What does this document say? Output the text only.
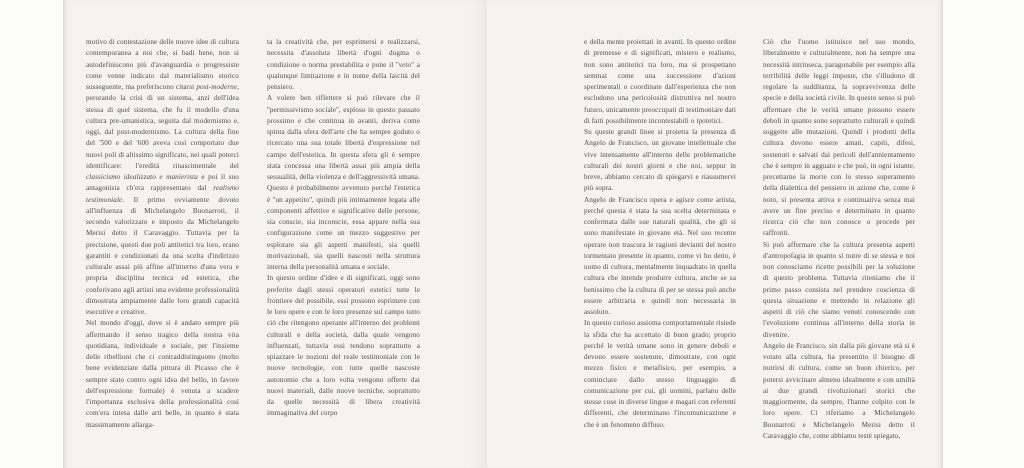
motivo di contestazione delle nuove idee di cultura contemporanea a noi che, si badi bene, non si autodefiniscono più d'avanguardia o progressiste come venne indicato dal materialismo storico susseguente, ma preferiscono citarsi post-moderne, perorando la crisi di un sistema, anzi dell'idea stessa di quel sistema, che fu il modello d'una cultura pre-umanistica, seguita dal modernismo e, oggi, dal post-modernismo. La cultura della fine del '500 e del '600 aveva così comportato due nuovi poli di altissimo significato, nei quali poterci identificare: l'eredità rinascimentale del classicismo idealizzato e manierista e poi il suo antagonista ch'era rappresentato dal realismo testimoniale. Il primo ovviamente dovuto all'influenza di Michelangelo Buonarroti, il secondo valorizzato e imposto da Michelangelo Merisi detto il Caravaggio. Tuttavia per la precisione, questi due poli antitetici tra loro, erano garantiti e condizionati da una scelta d'indirizzo culturale assai più affine all'interno d'una vera e propria disciplina tecnica ed estetica, che conferivano agli artisti una evidente professionalità dimostrata ampiamente dalle loro grandi capacità esecutive e creative.

Nel mondo d'oggi, dove si è andato sempre più affermando il senso tragico della nostra vita quotidiana, individuale e sociale, per l'insieme delle ribellioni che ci contraddistinguono (molto bene evidenziate dalla pittura di Picasso che è sempre stato contro ogni idea del bello, in favore dell'espressione formale) è venuta a scadere l'importanza esclusiva della professionalità così com'era intesa dalle arti belle, in quanto è stata massimamente allarga-

ta la creatività che, per esprimersi e realizzarsi, necessita d'assoluta libertà d'ogni dogma o condizione o norma prestabilita e pone il ''veto'' a qualunque limitazione e in nome della laicità del pensiero.

A volere ben riflettere si può rilevare che il ''permissivismo sociale'', esploso in questo passato prossimo e che continua in avanti, deriva come spinta dalla sfera dell'arte che ha sempre goduto o ricercato una sua totale libertà d'espressione nel campo dell'estetica. In questa sfera gli è sempre stata concessa una libertà assai più ampia della sessualità, della violenza e dell'aggressività umana. Questo è probabilmente avvenuto perché l'estetica è ''un appetito'', quindi più intimamente legata alle componenti affettive e significative delle persone, sia conscie, sia inconscie, essa appare nella sua configurazione come un mezzo suggestivo per esplorare sia gli aspetti manifesti, sia quelli motivazionali, sia quelli nascosti nella struttura interna della personalità umana e sociale.

In questo ordine d'idee e di significati, oggi sono preferite dagli stessi operatori estetici tutte le frontiere del possibile, essi possono esprimere con le loro opere e con le loro presenze sul campo tutto ciò che ritengono operante all'interno dei problemi culturali e della società, dalla quale vengono influenzati, tuttavia essi tendono soprattutto a spiazzare le nozioni del reale testimoniale con le nuove tecnologie, con tutte quelle nascoste autonomie che a loro volta vengono offerte dai nuovi materiali, dalle nuove tecniche, soprattutto da quelle necessità di libera creatività immaginativa del corpo

e della mente proiettati in avanti. In questo ordine di premesse e di significati, mistero e realismo, non sono antitetici tra loro, ma si prospettano semmai come una successione d'azioni sperimentali o coordinate dall'esperienza che non escludono una pericolosità distruttiva nel nostro futuro, unicamente preoccupati di testimoniare dati di fatti possibilmente incontestabili o ipotetici.

Su queste grandi linee si proietta la presenza di Angelo de Francisco, un giovane intellettuale che vive intensamente all'interno delle problematiche culturali dei nostri giorni e che noi, seppur in breve, abbiamo cercato di spiegarvi e riassumervi più sopra.

Angelo de Francisco opera e agisce come artista, perché questa è stata la sua scelta determinata e confermata dalle sue naturali qualità, che gli si sono manifestate in giovane età. Nel suo recente operare non trascura le ragioni devianti del nostro tormentato presente in quanto, come vi ho detto, è uomo di cultura, mentalmente inquadrato in quella cultura che intende produrre cultura, anche se sa benissimo che la cultura di per se stessa può anche essere arbitraria e quindi non necessaria in assoluto.

In questo curioso assioma comportamentale risiede la sfida che ha accettato di buon grado; proprio perché le verità umane sono in genere deboli e devono essere sostenute, dimostrate, con ogni mezzo fisico e metafisico, per esempio, a cominciare dallo stesso linguaggio di comunicazione per cui, gli uomini, parlano delle stesse cose in diverse lingue e magari con referenti differenti, che determinano l'incomunicazione e che è un fenomeno diffuso.

Ciò che l'uomo istituisce nel suo mondo, liberalmente e culturalmente, non ha sempre una necessità intrinseca, paragonabile per esempio alla terribilità delle leggi imposte, che s'illudono di regolare la sudditanza, la sopravvivenza delle specie e della società civile. In questo senso si può affermare che le verità umane possono essere deboli in quanto sono soprattutto culturali e quindi soggette alle mutazioni. Quindi i prodotti della cultura devono essere amati, capiti, difesi, sostenuti e salvati dai pericoli dell'annientamento che è sempre in agguato e che può, in ogni istante, precettarne la morte con lo stesso superamento della dialettica del pensiero in azione che, come è noto, si presenta attiva e continuativa senza mai avere un fine preciso e determinato in quanto ricerca ciò che non conosce o procede per raffronti.

Si può affermare che la cultura presenta aspetti d'antropofagia in quanto si nutre di se stessa e noi non conosciamo ricette possibili per la soluzione di questo problema. Tuttavia riteniamo che il primo passo consista nel prendere coscienza di questa situazione e mettendo in relazione gli aspetti di ciò che siamo venuti conoscendo con l'evoluzione continua all'interno della storia in divenire.

Angelo de Francisco, sin dalla più giovane età si è votato alla cultura, ha presentito il bisogno di nutrirsi di cultura, come un buon chierico, per potersi avvicinare almeno idealmente e con umiltà ai due grandi rivoluzionari storici che maggiormente, da sempre, l'hanno colpito con le loro opere. Ci riferiamo a Michelangelo Buonarroti e Michelangelo Merisi detto il Caravaggio che, come abbiamo testé spiegato,
